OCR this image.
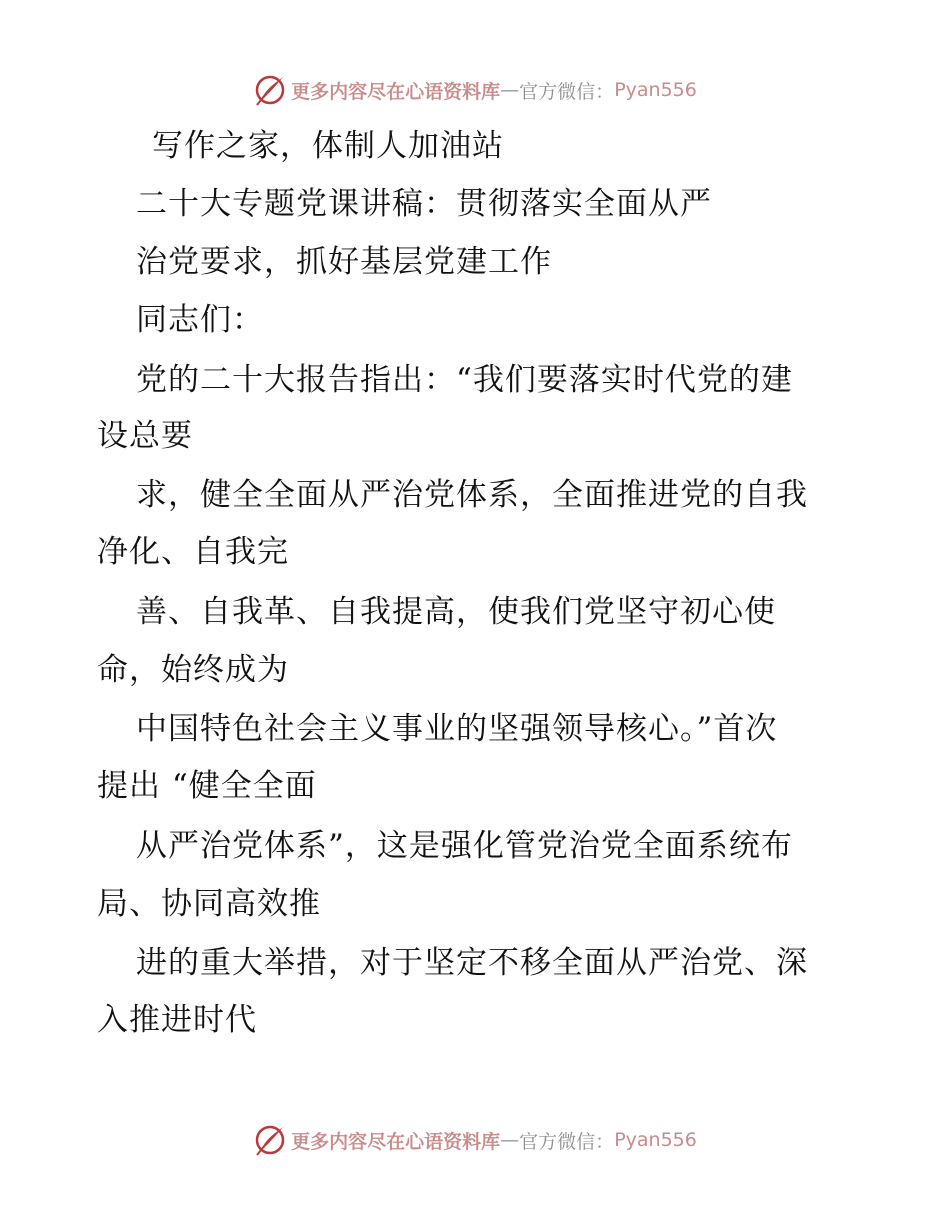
更多内容尽在心语资料库 — 官方微信： Pyan556
写作之家，体制人加油站
二十大专题党课讲稿：贯彻落实全面从严
治党要求，抓好基层党建工作
同志们：
党的二十大报告指出：“我们要落实时代党的建
设总要
求，健全全面从严治党体系，全面推进党的自我
净化、自我完
善、自我革、自我提高，使我们党坚守初心使
命，始终成为
中国特色社会主义事业的坚强领导核心。”首次
提出 “健全全面
从严治党体系”，这是强化管党治党全面系统布
局、协同高效推
进的重大举措，对于坚定不移全面从严治党、深
入推进时代
更多内容尽在心语资料库 — 官方微信： Pyan556
